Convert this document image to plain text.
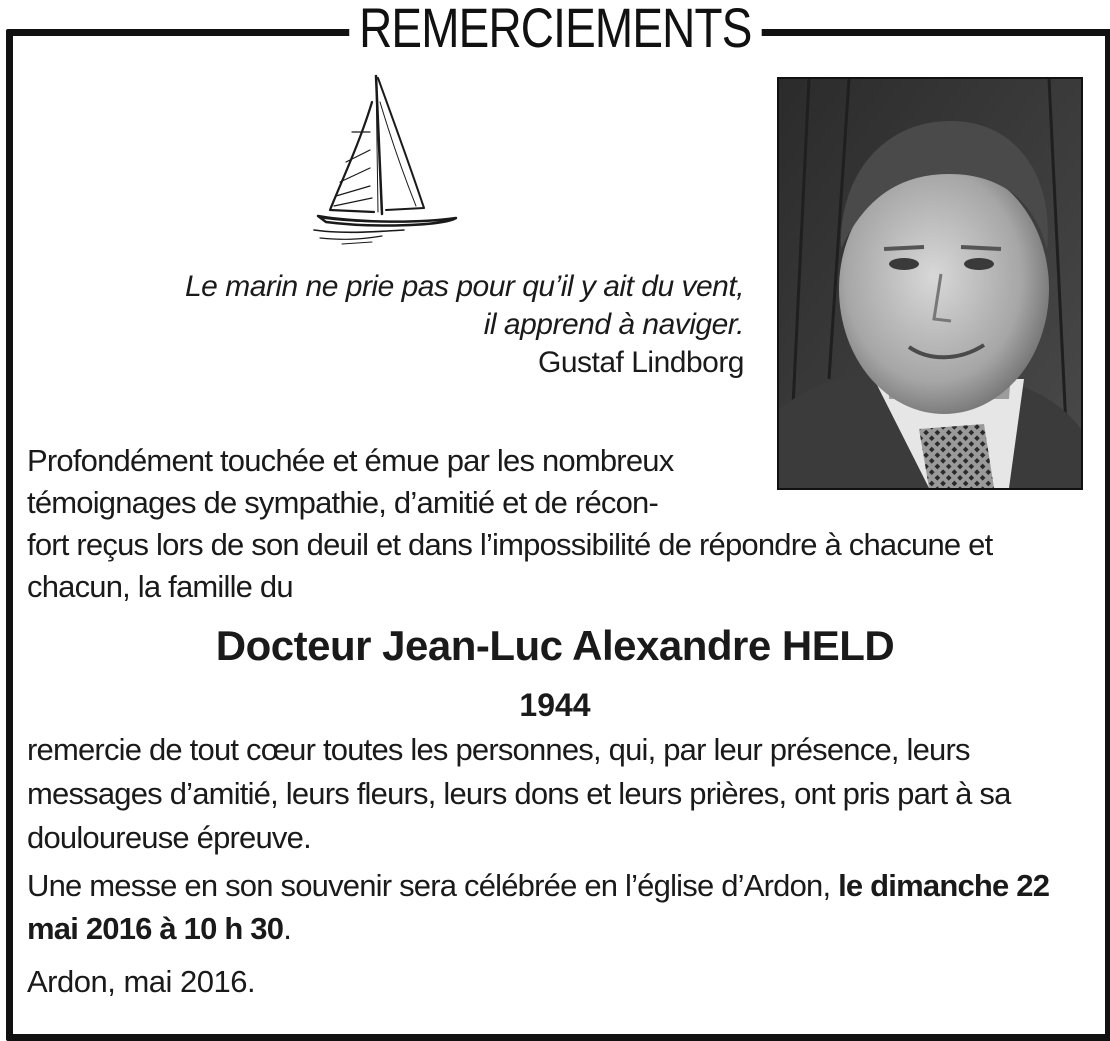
REMERCIEMENTS
Le marin ne prie pas pour qu’il y ait du vent,
il apprend à naviger.
Gustaf Lindborg
Profondément touchée et émue par les nombreux
témoignages de sympathie, d’amitié et de récon-
fort reçus lors de son deuil et dans l’impossibilité de répondre à chacune et chacun, la famille du
Docteur Jean-Luc Alexandre HELD
1944
remercie de tout cœur toutes les personnes, qui, par leur présence, leurs messages d’amitié, leurs fleurs, leurs dons et leurs prières, ont pris part à sa douloureuse épreuve.
Une messe en son souvenir sera célébrée en l’église d’Ardon, le dimanche 22 mai 2016 à 10 h 30.
Ardon, mai 2016.
